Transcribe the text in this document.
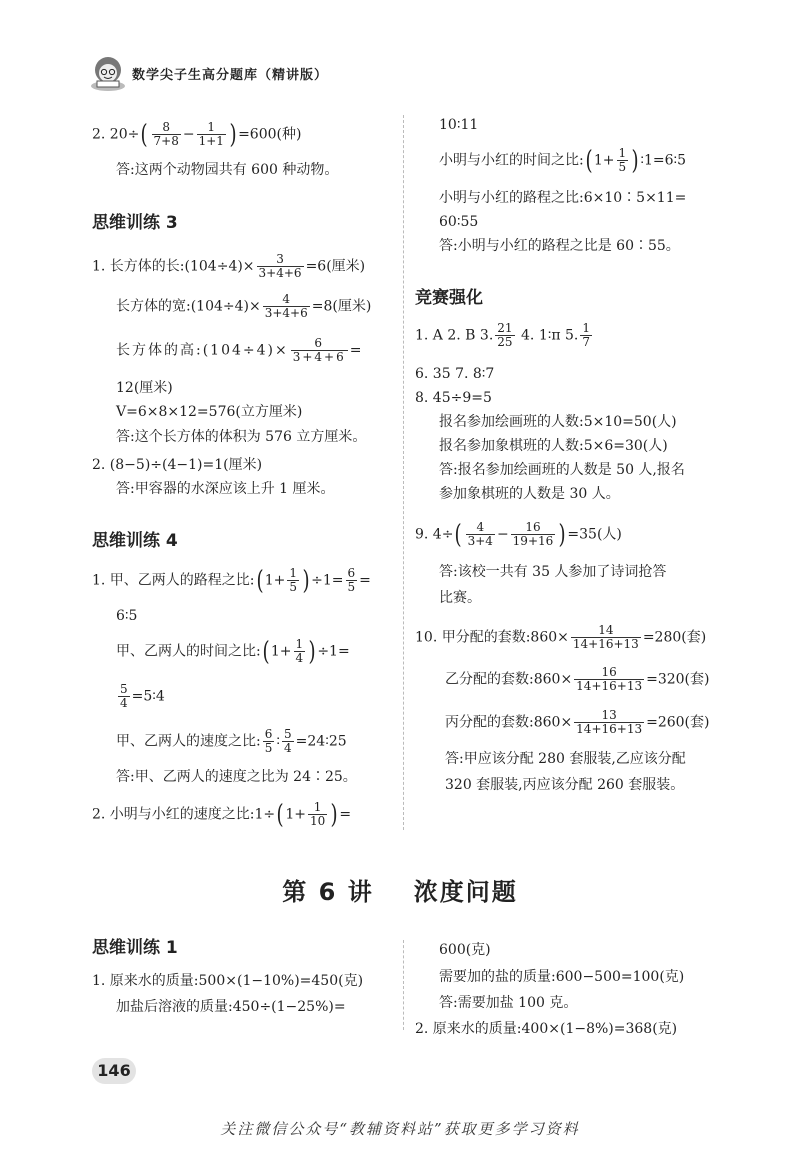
数学尖子生高分题库（精讲版）
2. $20\div( \frac{8}{7+8} - \frac{1}{1+1}$ ) =600(种)
答:这两个动物园共有 600 种动物。
思维训练 3
1. 长方体的长:(104÷4)× $\frac{3}{3+4+6} =6$(厘米)
长方体的宽:(104÷4)× $\frac{4}{3+4+6} =8$(厘米)
长方体的高:(104÷4)× $\frac{6}{3+4+6}$ =
12(厘米)
V=6×8×12=576(立方厘米)
答:这个长方体的体积为 576 立方厘米。
2. (8−5)÷(4−1)=1(厘米)
答:甲容器的水深应该上升 1 厘米。
思维训练 4
1. 甲、乙两人的路程之比:( $1+ \frac{1}{5}$ ) $\div 1= \frac{6}{5}$ =
6∶5
甲、乙两人的时间之比:( $1+ \frac{1}{4}$ ) ÷1=
$\frac{5}{4}$ =5∶4
甲、乙两人的速度之比: $\frac{6}{5}$ ∶ $\frac{5}{4}$ =24∶25
答:甲、乙两人的速度之比为 24∶25。
2. 小明与小红的速度之比:1÷( $1+ \frac{1}{10}$ ) =
10∶11
小明与小红的时间之比:( $1+ \frac{1}{5}$ ) ∶1=6∶5
小明与小红的路程之比:6×10∶5×11=
60∶55
答:小明与小红的路程之比是 60∶55。
竞赛强化
1. A 2. B 3. $\frac{21}{25} 4$. 1∶π 5. $\frac{1}{7}$
6. 35 7. 8∶7
8. 45÷9=5
报名参加绘画班的人数:5×10=50(人)
报名参加象棋班的人数:5×6=30(人)
答:报名参加绘画班的人数是 50 人,报名
参加象棋班的人数是 30 人。
9. $4\div( \frac{4}{3+4} - \frac{16}{19+16}$ ) =35(人)
答:该校一共有 35 人参加了诗词抢答
比赛。
10. 甲分配的套数:860× $\frac{14}{14+16+13} =280$(套)
乙分配的套数:860× $\frac{16}{14+16+13} =320$(套)
丙分配的套数:860× $\frac{13}{14+16+13} =260$(套)
答:甲应该分配 280 套服装,乙应该分配
320 套服装,丙应该分配 260 套服装。
第 6 讲 浓度问题
思维训练 1
1. 原来水的质量:500×(1−10%)=450(克)
加盐后溶液的质量:450÷(1−25%)=
600(克)
需要加的盐的质量:600−500=100(克)
答:需要加盐 100 克。
2. 原来水的质量:400×(1−8%)=368(克)
146
关注微信公众号“教辅资料站”获取更多学习资料
